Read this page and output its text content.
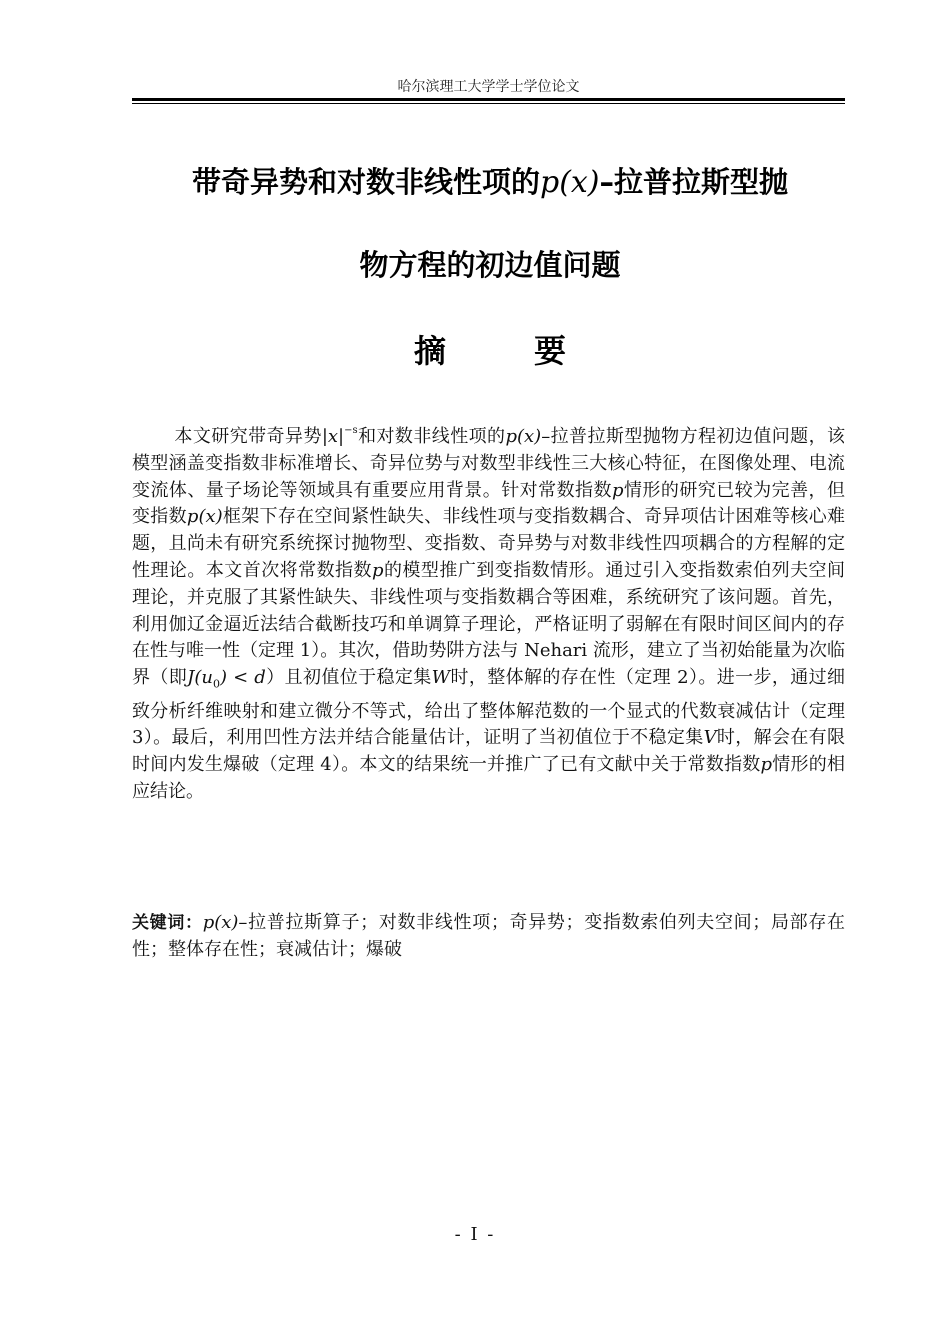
哈尔滨理工大学学士学位论文
带奇异势和对数非线性项的p(x)–拉普拉斯型抛
物方程的初边值问题
摘　要
本文研究带奇异势$|x|^{-s}$和对数非线性项的p(x)–拉普拉斯型抛物方程初边值问题，该模型涵盖变指数非标准增长、奇异位势与对数型非线性三大核心特征，在图像处理、电流变流体、量子场论等领域具有重要应用背景。针对常数指数p情形的研究已较为完善，但变指数p(x)框架下存在空间紧性缺失、非线性项与变指数耦合、奇异项估计困难等核心难题，且尚未有研究系统探讨抛物型、变指数、奇异势与对数非线性四项耦合的方程解的定性理论。本文首次将常数指数p的模型推广到变指数情形。通过引入变指数索伯列夫空间理论，并克服了其紧性缺失、非线性项与变指数耦合等困难，系统研究了该问题。首先，利用伽辽金逼近法结合截断技巧和单调算子理论，严格证明了弱解在有限时间区间内的存在性与唯一性（定理 1）。其次，借助势阱方法与 Nehari 流形，建立了当初始能量为次临界（即$J(u_0) < d$）且初值位于稳定集W时，整体解的存在性（定理 2）。进一步，通过细致分析纤维映射和建立微分不等式，给出了整体解范数的一个显式的代数衰减估计（定理 3）。最后，利用凹性方法并结合能量估计，证明了当初值位于不稳定集V时，解会在有限时间内发生爆破（定理 4）。本文的结果统一并推广了已有文献中关于常数指数p情形的相应结论。
关键词：p(x)–拉普拉斯算子；对数非线性项；奇异势；变指数索伯列夫空间；局部存在性；整体存在性；衰减估计；爆破
- I -
